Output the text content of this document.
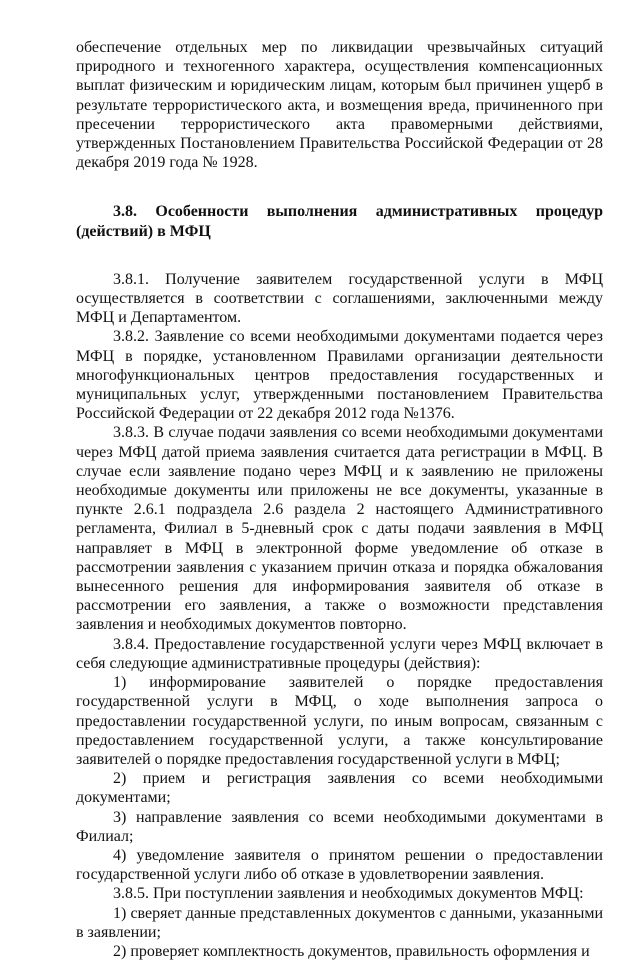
обеспечение отдельных мер по ликвидации чрезвычайных ситуаций природного и техногенного характера, осуществления компенсационных выплат физическим и юридическим лицам, которым был причинен ущерб в результате террористического акта, и возмещения вреда, причиненного при пресечении террористического акта правомерными действиями, утвержденных Постановлением Правительства Российской Федерации от 28 декабря 2019 года № 1928.

3.8. Особенности выполнения административных процедур (действий) в МФЦ

3.8.1. Получение заявителем государственной услуги в МФЦ осуществляется в соответствии с соглашениями, заключенными между МФЦ и Департаментом.

3.8.2. Заявление со всеми необходимыми документами подается через МФЦ в порядке, установленном Правилами организации деятельности многофункциональных центров предоставления государственных и муниципальных услуг, утвержденными постановлением Правительства Российской Федерации от 22 декабря 2012 года №1376.

3.8.3. В случае подачи заявления со всеми необходимыми документами через МФЦ датой приема заявления считается дата регистрации в МФЦ. В случае если заявление подано через МФЦ и к заявлению не приложены необходимые документы или приложены не все документы, указанные в пункте 2.6.1 подраздела 2.6 раздела 2 настоящего Административного регламента, Филиал в 5-дневный срок с даты подачи заявления в МФЦ направляет в МФЦ в электронной форме уведомление об отказе в рассмотрении заявления с указанием причин отказа и порядка обжалования вынесенного решения для информирования заявителя об отказе в рассмотрении его заявления, а также о возможности представления заявления и необходимых документов повторно.

3.8.4. Предоставление государственной услуги через МФЦ включает в себя следующие административные процедуры (действия):

1) информирование заявителей о порядке предоставления государственной услуги в МФЦ, о ходе выполнения запроса о предоставлении государственной услуги, по иным вопросам, связанным с предоставлением государственной услуги, а также консультирование заявителей о порядке предоставления государственной услуги в МФЦ;

2) прием и регистрация заявления со всеми необходимыми документами;

3) направление заявления со всеми необходимыми документами в Филиал;

4) уведомление заявителя о принятом решении о предоставлении государственной услуги либо об отказе в удовлетворении заявления.

3.8.5. При поступлении заявления и необходимых документов МФЦ:

1) сверяет данные представленных документов с данными, указанными в заявлении;

2) проверяет комплектность документов, правильность оформления и
